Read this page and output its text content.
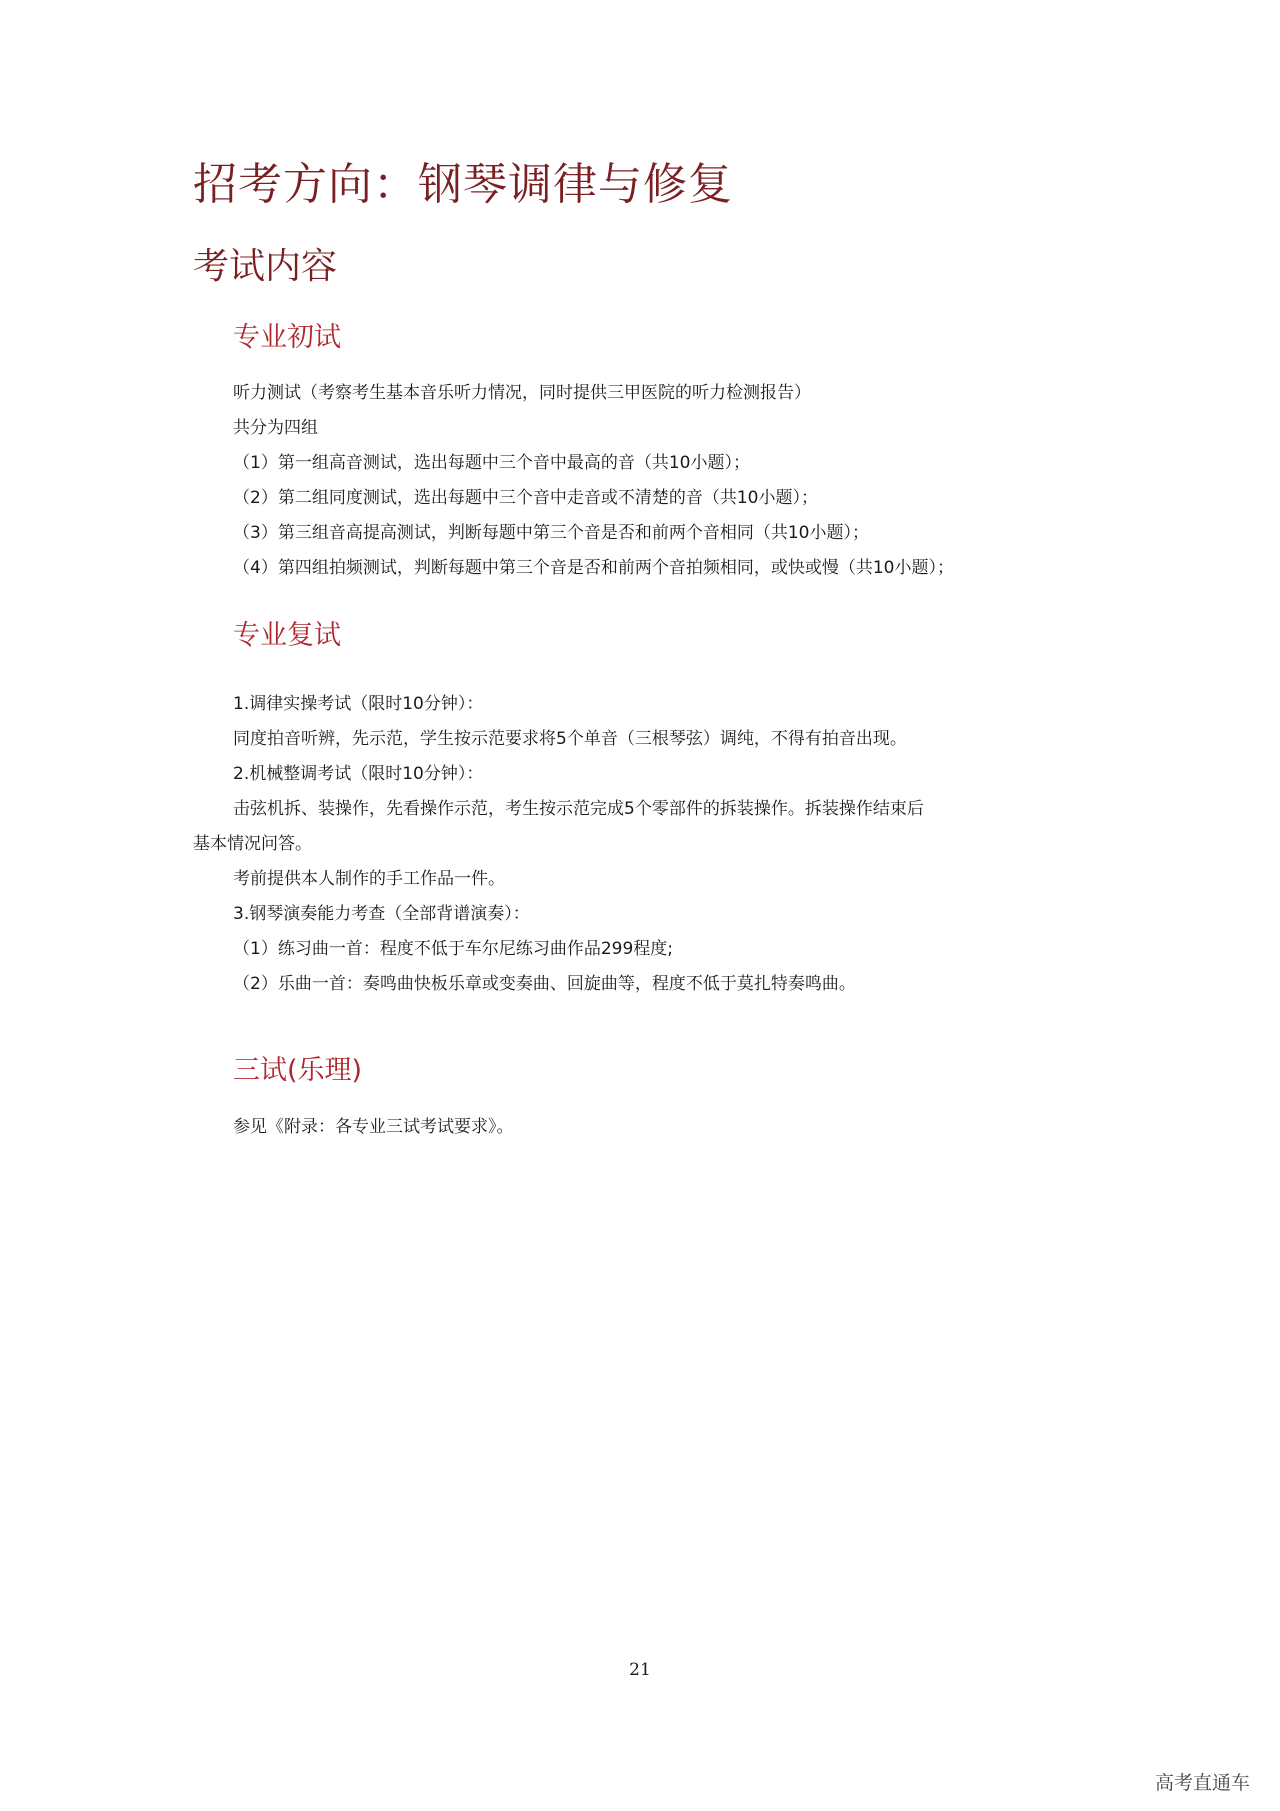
招考方向：钢琴调律与修复
考试内容
专业初试

听力测试（考察考生基本音乐听力情况，同时提供三甲医院的听力检测报告）

共分为四组

（1）第一组高音测试，选出每题中三个音中最高的音（共10小题）；

（2）第二组同度测试，选出每题中三个音中走音或不清楚的音（共10小题）；

（3）第三组音高提高测试，判断每题中第三个音是否和前两个音相同（共10小题）；

（4）第四组拍频测试，判断每题中第三个音是否和前两个音拍频相同，或快或慢（共10小题）；

专业复试

1.调律实操考试（限时10分钟）：

同度拍音听辨，先示范，学生按示范要求将5个单音（三根琴弦）调纯，不得有拍音出现。

2.机械整调考试（限时10分钟）：

击弦机拆、装操作，先看操作示范，考生按示范完成5个零部件的拆装操作。拆装操作结束后

基本情况问答。

考前提供本人制作的手工作品一件。

3.钢琴演奏能力考查（全部背谱演奏）：

（1）练习曲一首：程度不低于车尔尼练习曲作品299程度;

（2）乐曲一首：奏鸣曲快板乐章或变奏曲、回旋曲等，程度不低于莫扎特奏鸣曲。

三试(乐理)

参见《附录：各专业三试考试要求》。

21
高考直通车
